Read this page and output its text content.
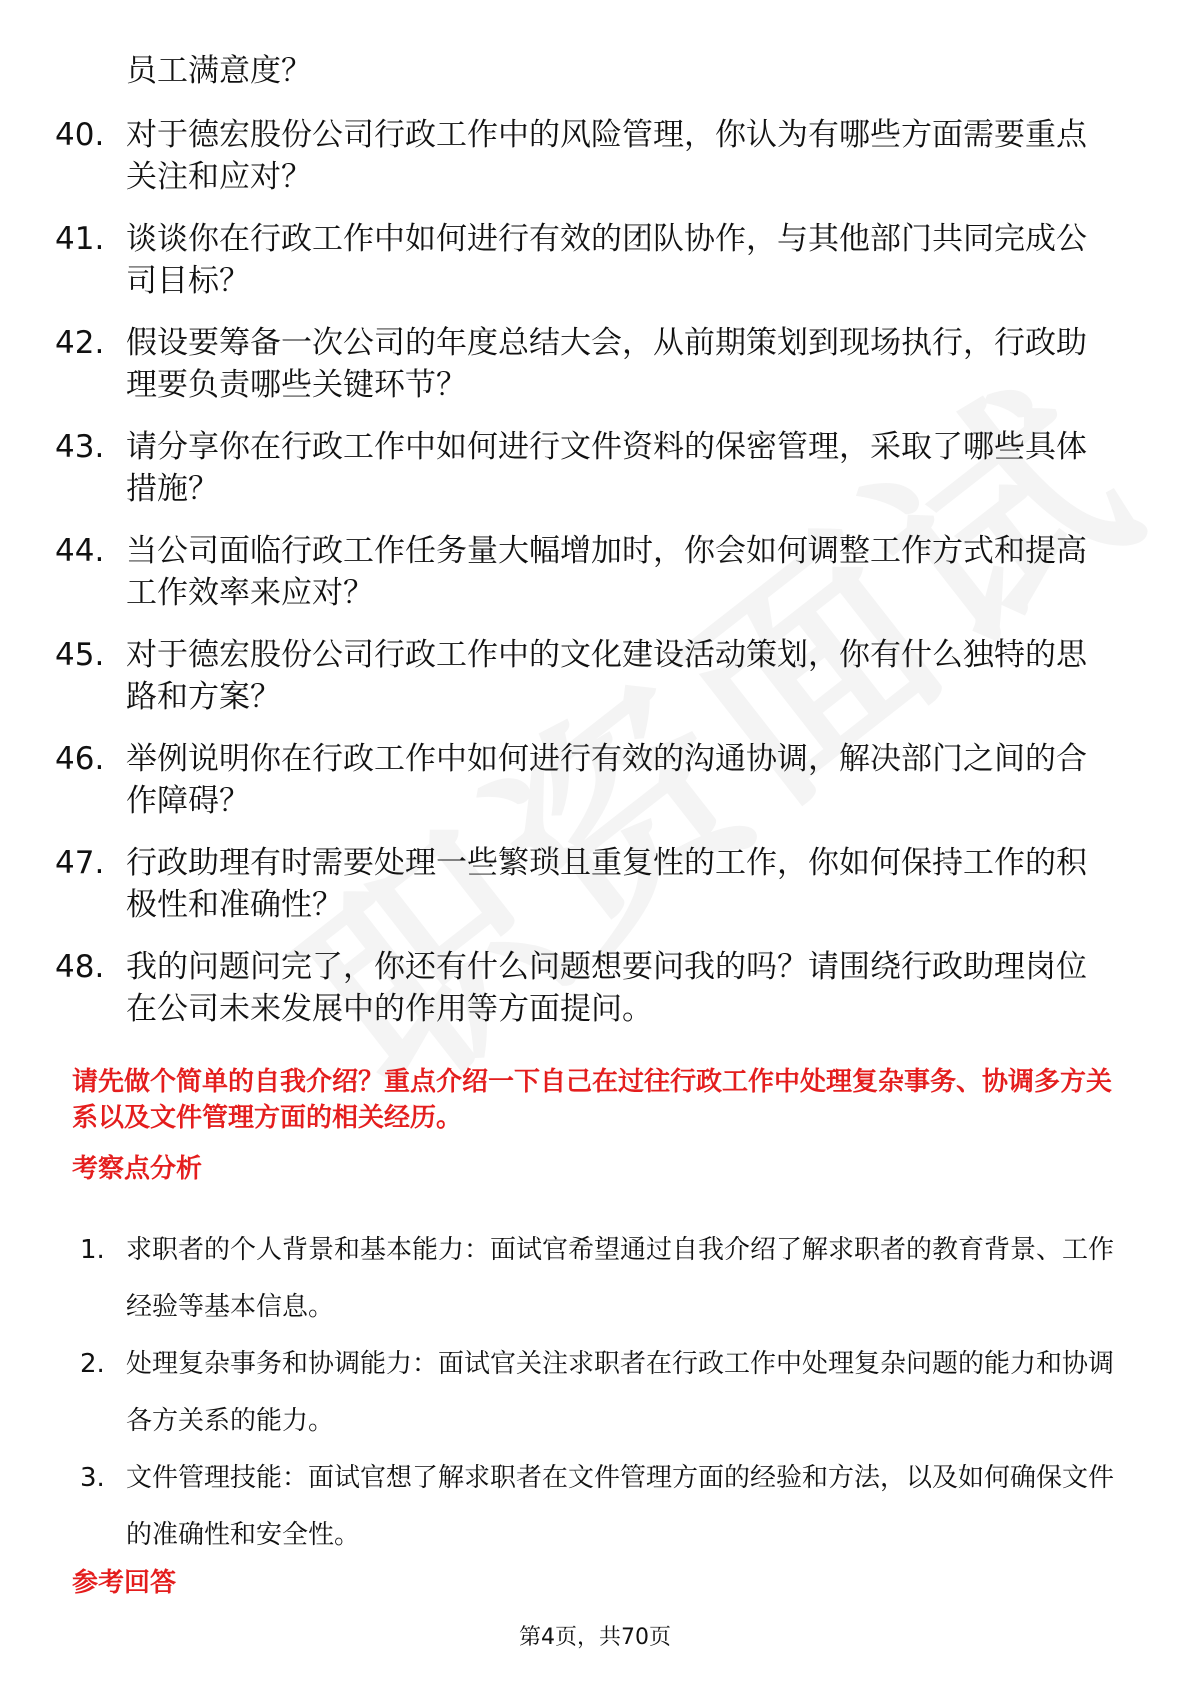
员工满意度？
40. 对于德宏股份公司行政工作中的风险管理，你认为有哪些方面需要重点关注和应对？
41. 谈谈你在行政工作中如何进行有效的团队协作，与其他部门共同完成公司目标？
42. 假设要筹备一次公司的年度总结大会，从前期策划到现场执行，行政助理要负责哪些关键环节？
43. 请分享你在行政工作中如何进行文件资料的保密管理，采取了哪些具体措施？
44. 当公司面临行政工作任务量大幅增加时，你会如何调整工作方式和提高工作效率来应对？
45. 对于德宏股份公司行政工作中的文化建设活动策划，你有什么独特的思路和方案？
46. 举例说明你在行政工作中如何进行有效的沟通协调，解决部门之间的合作障碍？
47. 行政助理有时需要处理一些繁琐且重复性的工作，你如何保持工作的积极性和准确性？
48. 我的问题问完了，你还有什么问题想要问我的吗？请围绕行政助理岗位在公司未来发展中的作用等方面提问。
请先做个简单的自我介绍？重点介绍一下自己在过往行政工作中处理复杂事务、协调多方关系以及文件管理方面的相关经历。
考察点分析
1. 求职者的个人背景和基本能力：面试官希望通过自我介绍了解求职者的教育背景、工作经验等基本信息。
2. 处理复杂事务和协调能力：面试官关注求职者在行政工作中处理复杂问题的能力和协调各方关系的能力。
3. 文件管理技能：面试官想了解求职者在文件管理方面的经验和方法，以及如何确保文件的准确性和安全性。
参考回答
第4页，共70页
